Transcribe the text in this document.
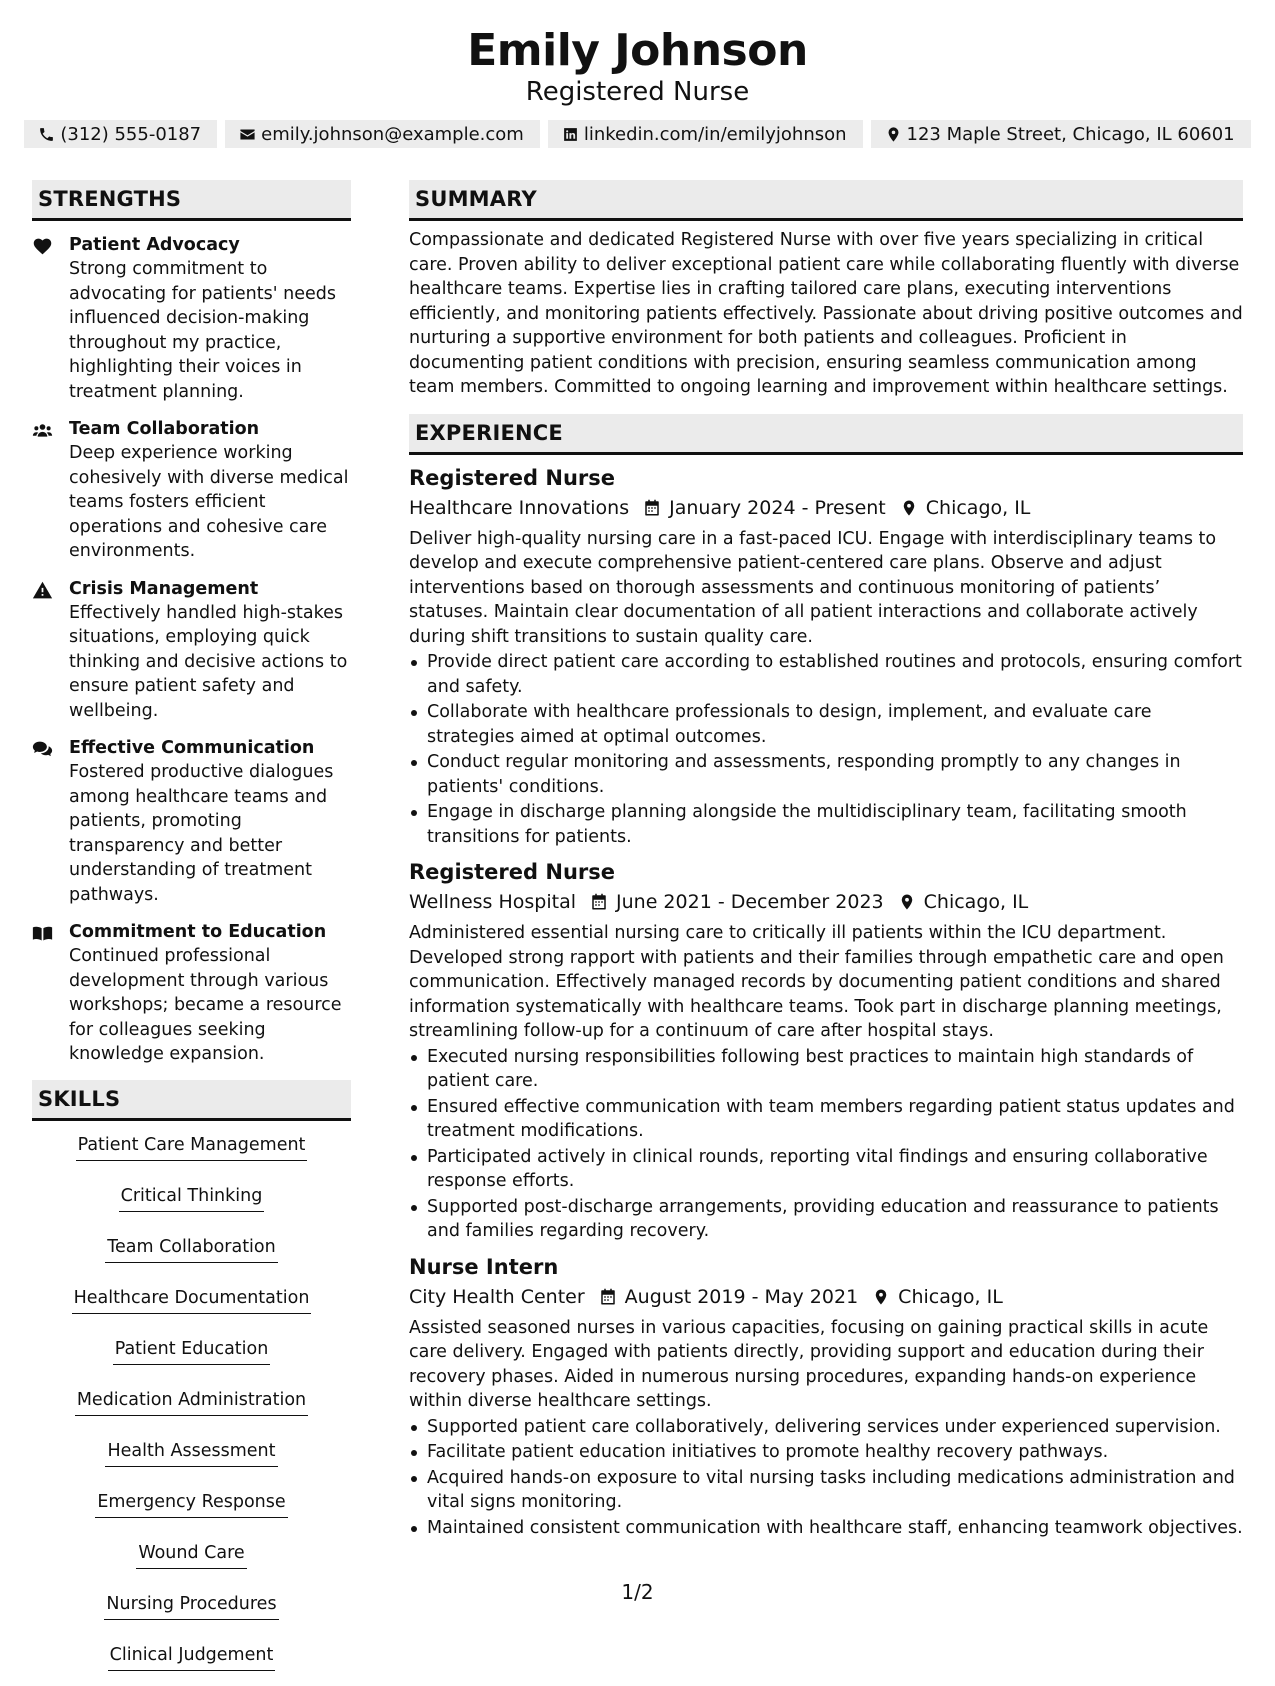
Emily Johnson
Registered Nurse
(312) 555-0187	emily.johnson@example.com	linkedin.com/in/emilyjohnson	123 Maple Street, Chicago, IL 60601
STRENGTHS
Patient Advocacy
Strong commitment to advocating for patients' needs influenced decision-making throughout my practice, highlighting their voices in treatment planning.
Team Collaboration
Deep experience working cohesively with diverse medical teams fosters efficient operations and cohesive care environments.
Crisis Management
Effectively handled high-stakes situations, employing quick thinking and decisive actions to ensure patient safety and wellbeing.
Effective Communication
Fostered productive dialogues among healthcare teams and patients, promoting transparency and better understanding of treatment pathways.
Commitment to Education
Continued professional development through various workshops; became a resource for colleagues seeking knowledge expansion.
SKILLS
Patient Care Management
Critical Thinking
Team Collaboration
Healthcare Documentation
Patient Education
Medication Administration
Health Assessment
Emergency Response
Wound Care
Nursing Procedures
Clinical Judgement
SUMMARY
Compassionate and dedicated Registered Nurse with over five years specializing in critical care. Proven ability to deliver exceptional patient care while collaborating fluently with diverse healthcare teams. Expertise lies in crafting tailored care plans, executing interventions efficiently, and monitoring patients effectively. Passionate about driving positive outcomes and nurturing a supportive environment for both patients and colleagues. Proficient in documenting patient conditions with precision, ensuring seamless communication among team members. Committed to ongoing learning and improvement within healthcare settings.
EXPERIENCE
Registered Nurse
Healthcare Innovations January 2024 - Present Chicago, IL
Deliver high-quality nursing care in a fast-paced ICU. Engage with interdisciplinary teams to develop and execute comprehensive patient-centered care plans. Observe and adjust interventions based on thorough assessments and continuous monitoring of patients’ statuses. Maintain clear documentation of all patient interactions and collaborate actively during shift transitions to sustain quality care.
Provide direct patient care according to established routines and protocols, ensuring comfort and safety.
Collaborate with healthcare professionals to design, implement, and evaluate care strategies aimed at optimal outcomes.
Conduct regular monitoring and assessments, responding promptly to any changes in patients' conditions.
Engage in discharge planning alongside the multidisciplinary team, facilitating smooth transitions for patients.
Registered Nurse
Wellness Hospital June 2021 - December 2023 Chicago, IL
Administered essential nursing care to critically ill patients within the ICU department. Developed strong rapport with patients and their families through empathetic care and open communication. Effectively managed records by documenting patient conditions and shared information systematically with healthcare teams. Took part in discharge planning meetings, streamlining follow-up for a continuum of care after hospital stays.
Executed nursing responsibilities following best practices to maintain high standards of patient care.
Ensured effective communication with team members regarding patient status updates and treatment modifications.
Participated actively in clinical rounds, reporting vital findings and ensuring collaborative response efforts.
Supported post-discharge arrangements, providing education and reassurance to patients and families regarding recovery.
Nurse Intern
City Health Center August 2019 - May 2021 Chicago, IL
Assisted seasoned nurses in various capacities, focusing on gaining practical skills in acute care delivery. Engaged with patients directly, providing support and education during their recovery phases. Aided in numerous nursing procedures, expanding hands-on experience within diverse healthcare settings.
Supported patient care collaboratively, delivering services under experienced supervision.
Facilitate patient education initiatives to promote healthy recovery pathways.
Acquired hands-on exposure to vital nursing tasks including medications administration and vital signs monitoring.
Maintained consistent communication with healthcare staff, enhancing teamwork objectives.
1/2
